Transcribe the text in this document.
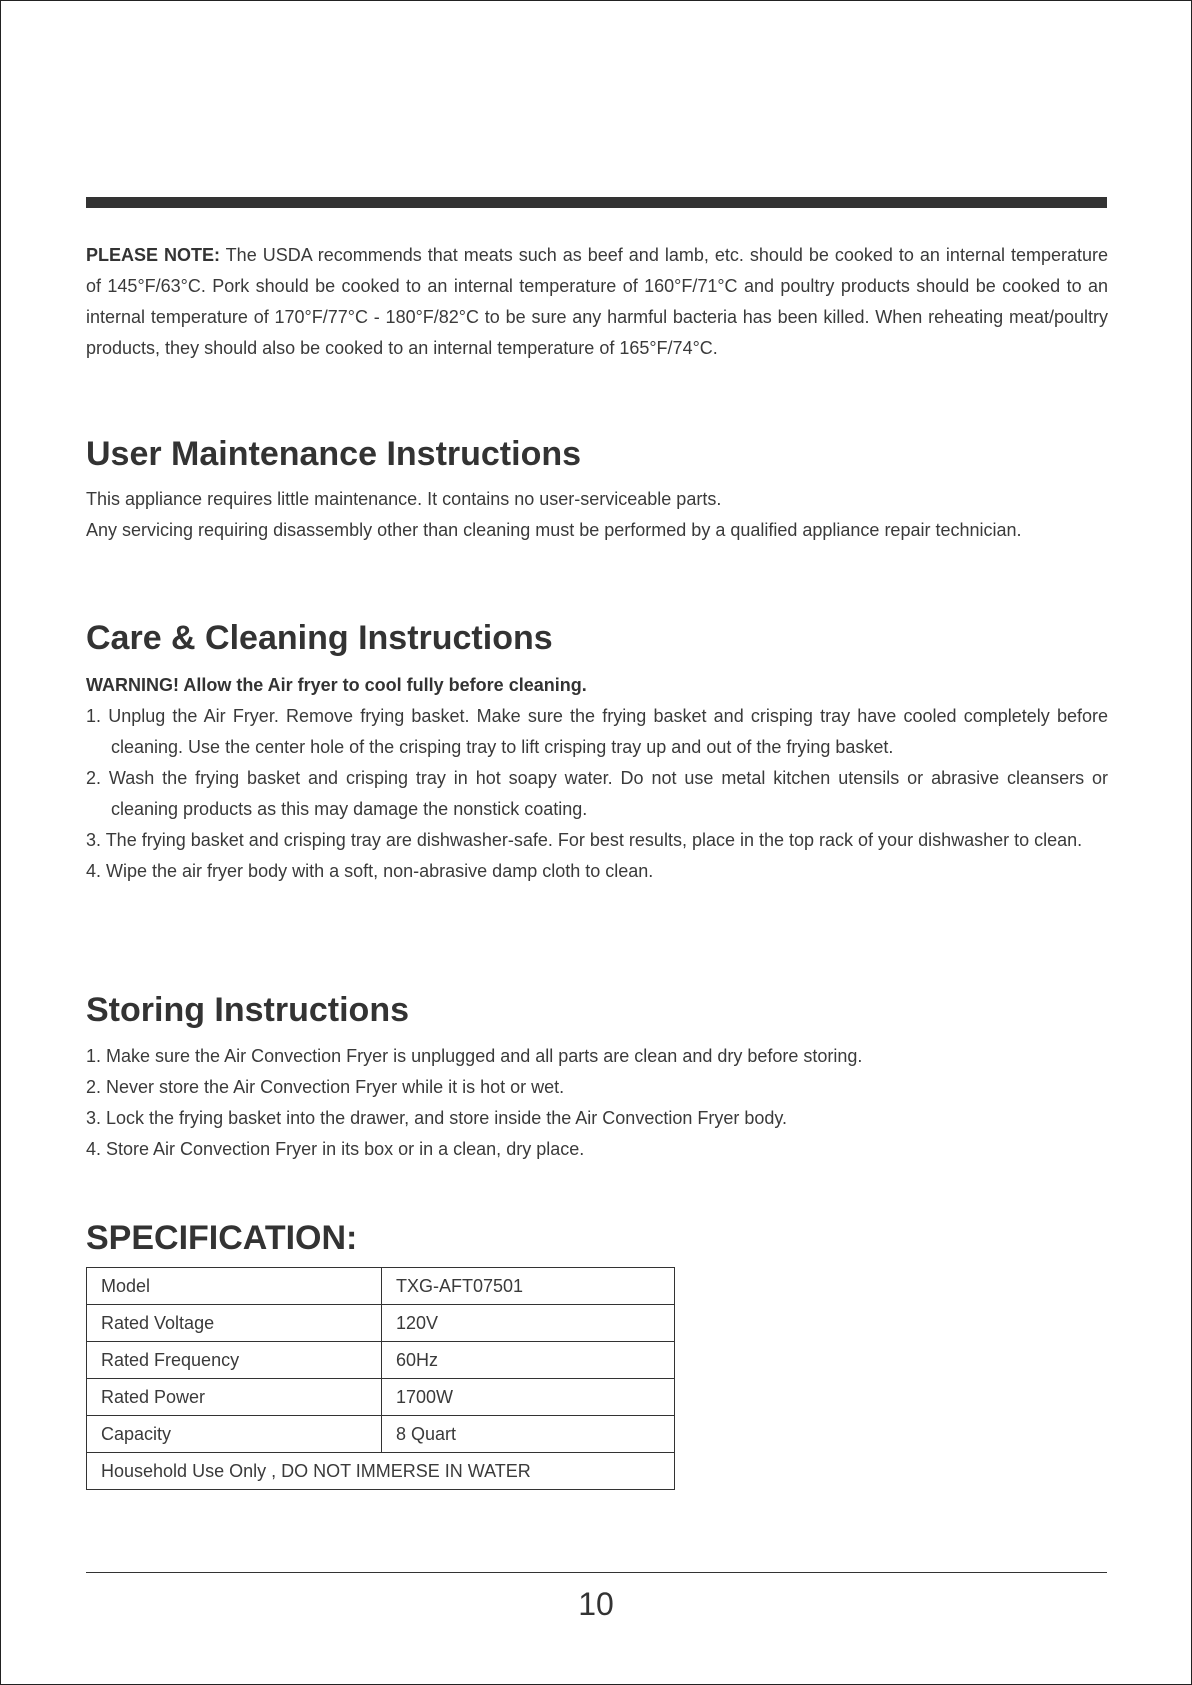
PLEASE NOTE: The USDA recommends that meats such as beef and lamb, etc. should be cooked to an internal temperature of 145°F/63°C. Pork should be cooked to an internal temperature of 160°F/71°C and poultry products should be cooked to an internal temperature of 170°F/77°C - 180°F/82°C to be sure any harmful bacteria has been killed. When reheating meat/poultry products, they should also be cooked to an internal temperature of 165°F/74°C.

User Maintenance Instructions

This appliance requires little maintenance. It contains no user-serviceable parts.

Any servicing requiring disassembly other than cleaning must be performed by a qualified appliance repair technician.

Care & Cleaning Instructions
WARNING! Allow the Air fryer to cool fully before cleaning.
1. Unplug the Air Fryer. Remove frying basket. Make sure the frying basket and crisping tray have cooled completely before cleaning. Use the center hole of the crisping tray to lift crisping tray up and out of the frying basket.
2. Wash the frying basket and crisping tray in hot soapy water. Do not use metal kitchen utensils or abrasive cleansers or cleaning products as this may damage the nonstick coating.
3. The frying basket and crisping tray are dishwasher-safe. For best results, place in the top rack of your dishwasher to clean.
4. Wipe the air fryer body with a soft, non-abrasive damp cloth to clean.
Storing Instructions
1. Make sure the Air Convection Fryer is unplugged and all parts are clean and dry before storing.
2. Never store the Air Convection Fryer while it is hot or wet.
3. Lock the frying basket into the drawer, and store inside the Air Convection Fryer body.
4. Store Air Convection Fryer in its box or in a clean, dry place.
SPECIFICATION:
Model	TXG-AFT07501
Rated Voltage	120V
Rated Frequency	60Hz
Rated Power	1700W
Capacity	8 Quart
Household Use Only , DO NOT IMMERSE IN WATER	
10
